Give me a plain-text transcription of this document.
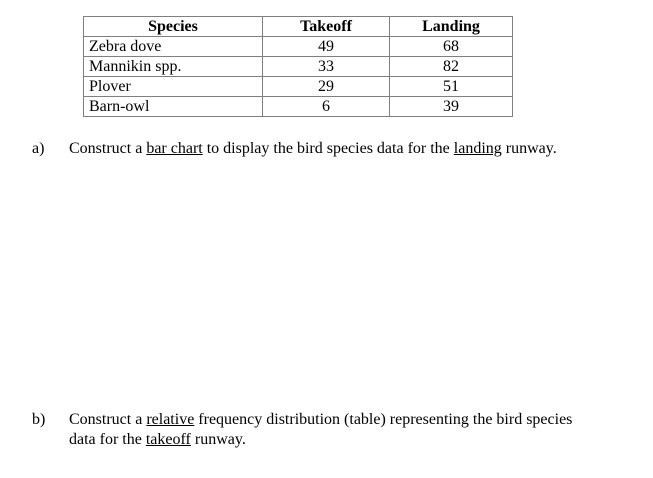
Species	Takeoff	Landing
Zebra dove	49	68
Mannikin spp.	33	82
Plover	29	51
Barn-owl	6	39
a) Construct a bar chart to display the bird species data for the landing runway.
b) Construct a relative frequency distribution (table) representing the bird species
data for the takeoff runway.
